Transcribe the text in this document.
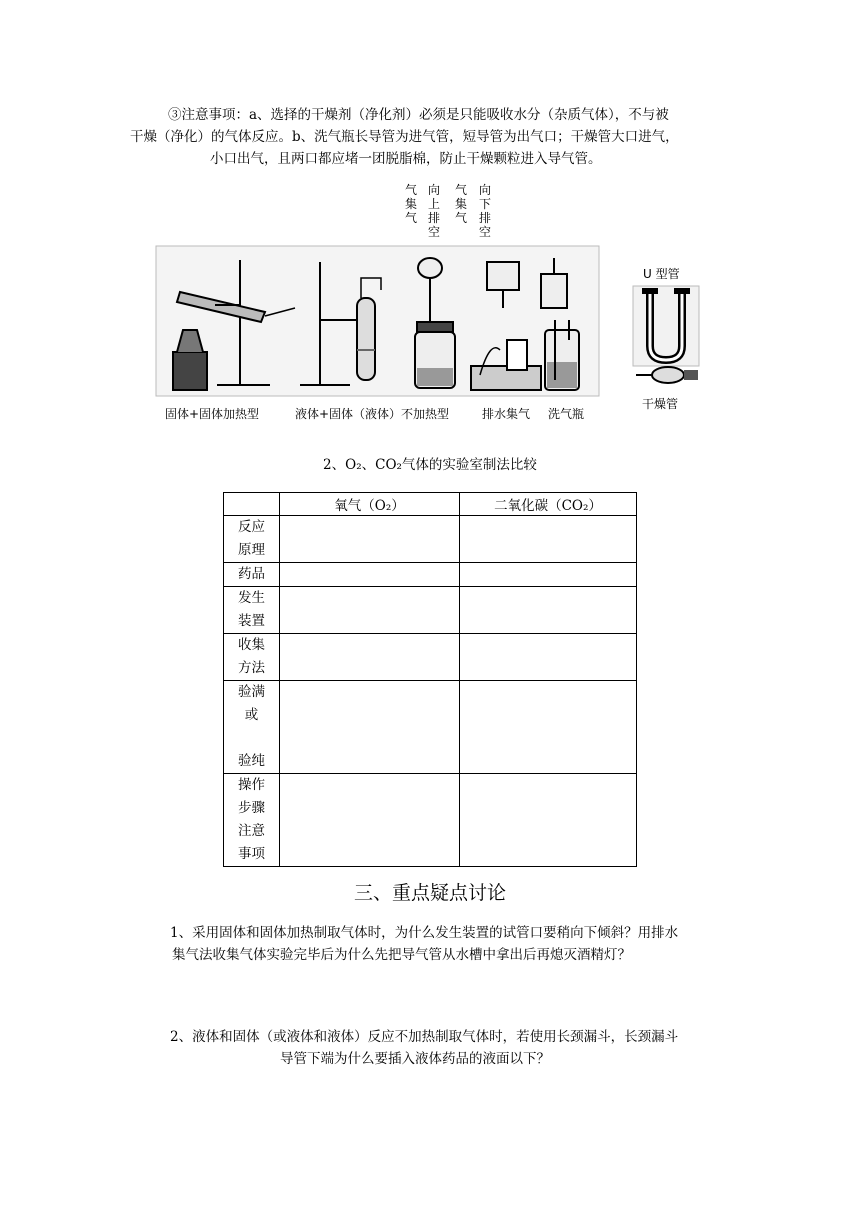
③注意事项：a、选择的干燥剂（净化剂）必须是只能吸收水分（杂质气体），不与被
干燥（净化）的气体反应。b、洗气瓶长导管为进气管，短导管为出气口；干燥管大口进气，
小口出气，且两口都应堵一团脱脂棉，防止干燥颗粒进入导气管。
向
上
排
空
气
集
气
向
下
排
空
气
集
气
固体+固体加热型	液体+固体（液体）不加热型	排水集气 洗气瓶
U 型管
干燥管
2、O₂、CO₂气体的实验室制法比较
	氧气（O₂）	二氧化碳（CO₂）

反应
原理		

药品		

发生
装置		

收集
方法		

验满
或
验纯		

操作
步骤
注意
事项		

三、重点疑点讨论
1、采用固体和固体加热制取气体时，为什么发生装置的试管口要稍向下倾斜？用排水
集气法收集气体实验完毕后为什么先把导气管从水槽中拿出后再熄灭酒精灯？
2、液体和固体（或液体和液体）反应不加热制取气体时，若使用长颈漏斗，长颈漏斗
导管下端为什么要插入液体药品的液面以下？
